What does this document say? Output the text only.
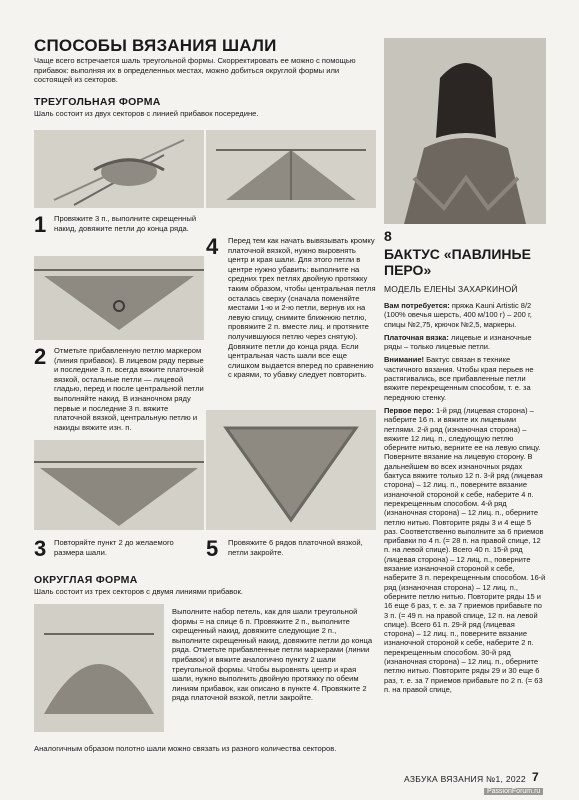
СПОСОБЫ ВЯЗАНИЯ ШАЛИ
Чаще всего встречается шаль треугольной формы. Скорректировать ее можно с помощью прибавок: выполняя их в определенных местах, можно добиться округлой формы или состоящей из секторов.
ТРЕУГОЛЬНАЯ ФОРМА
Шаль состоит из двух секторов с линией прибавок посередине.
1 Провяжите 3 п., выполните скрещенный накид, довяжите петли до конца ряда.
4 Перед тем как начать вывязывать кромку платочной вязкой, нужно выровнять центр и края шали. Для этого петли в центре нужно убавить: выполните на средних трех петлях двойную протяжку таким образом, чтобы центральная петля осталась сверху (сначала поменяйте местами 1-ю и 2-ю петли, вернув их на левую спицу, снимите ближнюю петлю, провяжите 2 п. вместе лиц. и протяните получившуюся петлю через снятую). Довяжите петли до конца ряда. Если центральная часть шали все еще слишком выдается вперед по сравнению с краями, то убавку следует повторить.
2 Отметьте прибавленную петлю маркером (линия прибавок). В лицевом ряду первые и последние 3 п. всегда вяжите платочной вязкой, остальные петли — лицевой гладью, перед и после центральной петли выполняйте накид. В изнаночном ряду первые и последние 3 п. вяжите платочной вязкой, центральную петлю и накиды вяжите изн. п.
3 Повторяйте пункт 2 до желаемого размера шали.	5 Провяжите 6 рядов платочной вязкой, петли закройте.
ОКРУГЛАЯ ФОРМА
Шаль состоит из трех секторов с двумя линиями прибавок.
Выполните набор петель, как для шали треугольной формы = на спице 6 п. Провяжите 2 п., выполните скрещенный накид, довяжите следующие 2 п., выполните скрещенный накид, довяжите петли до конца ряда. Отметьте прибавленные петли маркерами (линии прибавок) и вяжите аналогично пункту 2 шали треугольной формы. Чтобы выровнять центр и края шали, нужно выполнить двойную протяжку по обеим линиям прибавок, как описано в пункте 4. Провяжите 2 ряда платочной вязкой, петли закройте.
Аналогичным образом полотно шали можно связать из разного количества секторов.
8
БАКТУС «ПАВЛИНЬЕ ПЕРО»
МОДЕЛЬ ЕЛЕНЫ ЗАХАРКИНОЙ
Вам потребуется: пряжа Kauni Artistic 8/2 (100% овечья шерсть, 400 м/100 г) – 200 г, спицы №2,75, крючок №2,5, маркеры.
Платочная вязка: лицевые и изнаночные ряды – только лицевые петли.
Внимание! Бактус связан в технике частичного вязания. Чтобы края перьев не растягивались, все прибавленные петли вяжите перекрещенным способом, т. е. за переднюю стенку.
Первое перо: 1-й ряд (лицевая сторона) – наберите 16 п. и вяжите их лицевыми петлями. 2-й ряд (изнаночная сторона) – вяжите 12 лиц. п., следующую петлю оберните нитью, верните ее на левую спицу. Поверните вязание на лицевую сторону. В дальнейшем во всех изнаночных рядах бактуса вяжите только 12 п. 3-й ряд (лицевая сторона) – 12 лиц. п., поверните вязание изнаночной стороной к себе, наберите 4 п. перекрещенным способом. 4-й ряд (изнаночная сторона) – 12 лиц. п., оберните петлю нитью. Повторите ряды 3 и 4 еще 5 раз. Соответственно выполните за 6 приемов прибавки по 4 п. (= 28 п. на правой спице, 12 п. на левой спице). Всего 40 п. 15-й ряд (лицевая сторона) – 12 лиц. п., поверните вязание изнаночной стороной к себе, наберите 3 п. перекрещенным способом. 16-й ряд (изнаночная сторона) – 12 лиц. п., оберните петлю нитью. Повторите ряды 15 и 16 еще 6 раз, т. е. за 7 приемов прибавьте по 3 п. (= 49 п. на правой спице, 12 п. на левой спице). Всего 61 п. 29-й ряд (лицевая сторона) – 12 лиц. п., поверните вязание изнаночной стороной к себе, наберите 2 п. перекрещенным способом. 30-й ряд (изнаночная сторона) – 12 лиц. п., оберните петлю нитью. Повторите ряды 29 и 30 еще 6 раз, т. е. за 7 приемов прибавьте по 2 п. (= 63 п. на правой спице,
АЗБУКА ВЯЗАНИЯ №1, 2022 7
PassionForum.ru
